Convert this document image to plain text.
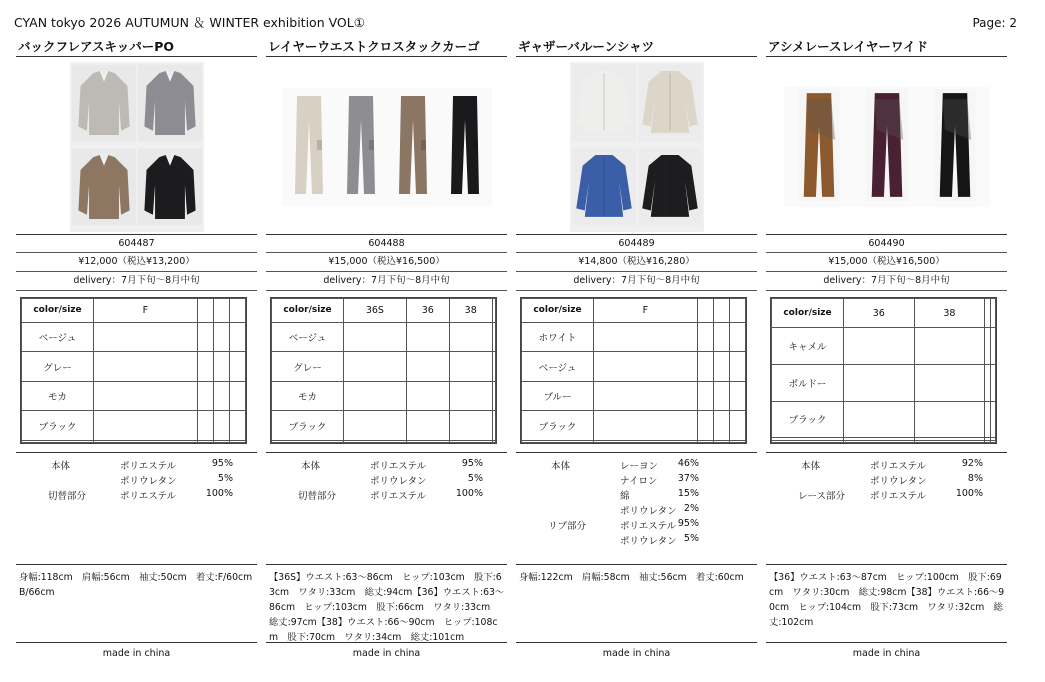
CYAN tokyo 2026 AUTUMUN ＆ WINTER exhibition VOL①	Page: 2
バックフレアスキッパーPO
604487
¥12,000（税込¥13,200）
delivery：7月下旬〜8月中旬
color/size	F			
ベージュ				
グレー				
モカ				
ブラック				

本体	ポリエステル	95%
ポリウレタン	5%
切替部分	ポリエステル	100%
身幅:118cm　肩幅:56cm　袖丈:50cm　着丈:F/60cm B/66cm
made in china
レイヤーウエストクロスタックカーゴ
604488
¥15,000（税込¥16,500）
delivery：7月下旬〜8月中旬
color/size	36S	36	38	
ベージュ				
グレー				
モカ				
ブラック				

本体	ポリエステル	95%
ポリウレタン	5%
切替部分	ポリエステル	100%
【36S】ウエスト:63〜86cm　ヒップ:103cm　股下:63cm　ワタリ:33cm　総丈:94cm【36】ウエスト:63〜86cm　ヒップ:103cm　股下:66cm　ワタリ:33cm　総丈:97cm【38】ウエスト:66〜90cm　ヒップ:108cm　股下:70cm　ワタリ:34cm　総丈:101cm
made in china
ギャザーバルーンシャツ
604489
¥14,800（税込¥16,280）
delivery：7月下旬〜8月中旬
color/size	F			
ホワイト				
ベージュ				
ブルー				
ブラック				

本体	レーヨン 46%
ナイロン 37%
綿	15%
ポリウレタン 2%
リブ部分	ポリエステル 95%
ポリウレタン 5%
身幅:122cm　肩幅:58cm　袖丈:56cm　着丈:60cm
made in china
アシメレースレイヤーワイド
604490
¥15,000（税込¥16,500）
delivery：7月下旬〜8月中旬
color/size	36	38		
キャメル				
ボルドー				
ブラック				

本体	ポリエステル	92%
ポリウレタン	8%
レース部分	ポリエステル	100%
【36】ウエスト:63〜87cm　ヒップ:100cm　股下:69cm　ワタリ:30cm　総丈:98cm【38】ウエスト:66〜90cm　ヒップ:104cm　股下:73cm　ワタリ:32cm　総丈:102cm
made in china
